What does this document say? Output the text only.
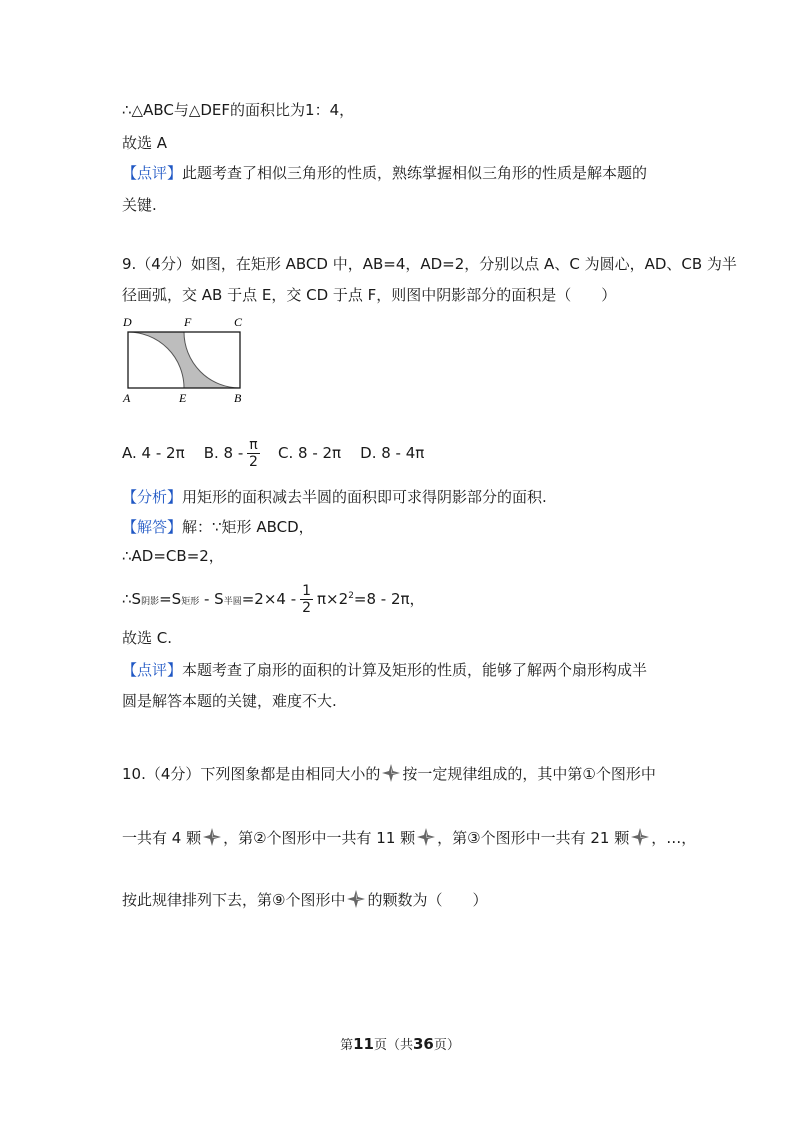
∴△ABC与△DEF的面积比为1：4，
故选 A
【点评】此题考查了相似三角形的性质，熟练掌握相似三角形的性质是解本题的
关键.
9.（4分）如图，在矩形 ABCD 中，AB=4，AD=2，分别以点 A、C 为圆心，AD、CB 为半
径画弧，交 AB 于点 E，交 CD 于点 F，则图中阴影部分的面积是（　　）
D	F	C
A	E	B
A. 4 - 2π B. $8 - \frac{\pi}{2} C$. 8 - 2π D. 8 - 4π
【分析】用矩形的面积减去半圆的面积即可求得阴影部分的面积.
【解答】解：∵矩形 ABCD，
∴AD=CB=2，
∴S阴影=S矩形 - S半圆$=2\times 4 - \frac{1}{2} \pi\times 2^2=8 - 2\pi$，
故选 C.
【点评】本题考查了扇形的面积的计算及矩形的性质，能够了解两个扇形构成半
圆是解答本题的关键，难度不大.
10.（4分）下列图象都是由相同大小的 按一定规律组成的，其中第①个图形中
一共有 4 颗 ，第②个图形中一共有 11 颗 ，第③个图形中一共有 21 颗 ，…，
按此规律排列下去，第⑨个图形中 的颗数为（　　）
第11页（共36页）
